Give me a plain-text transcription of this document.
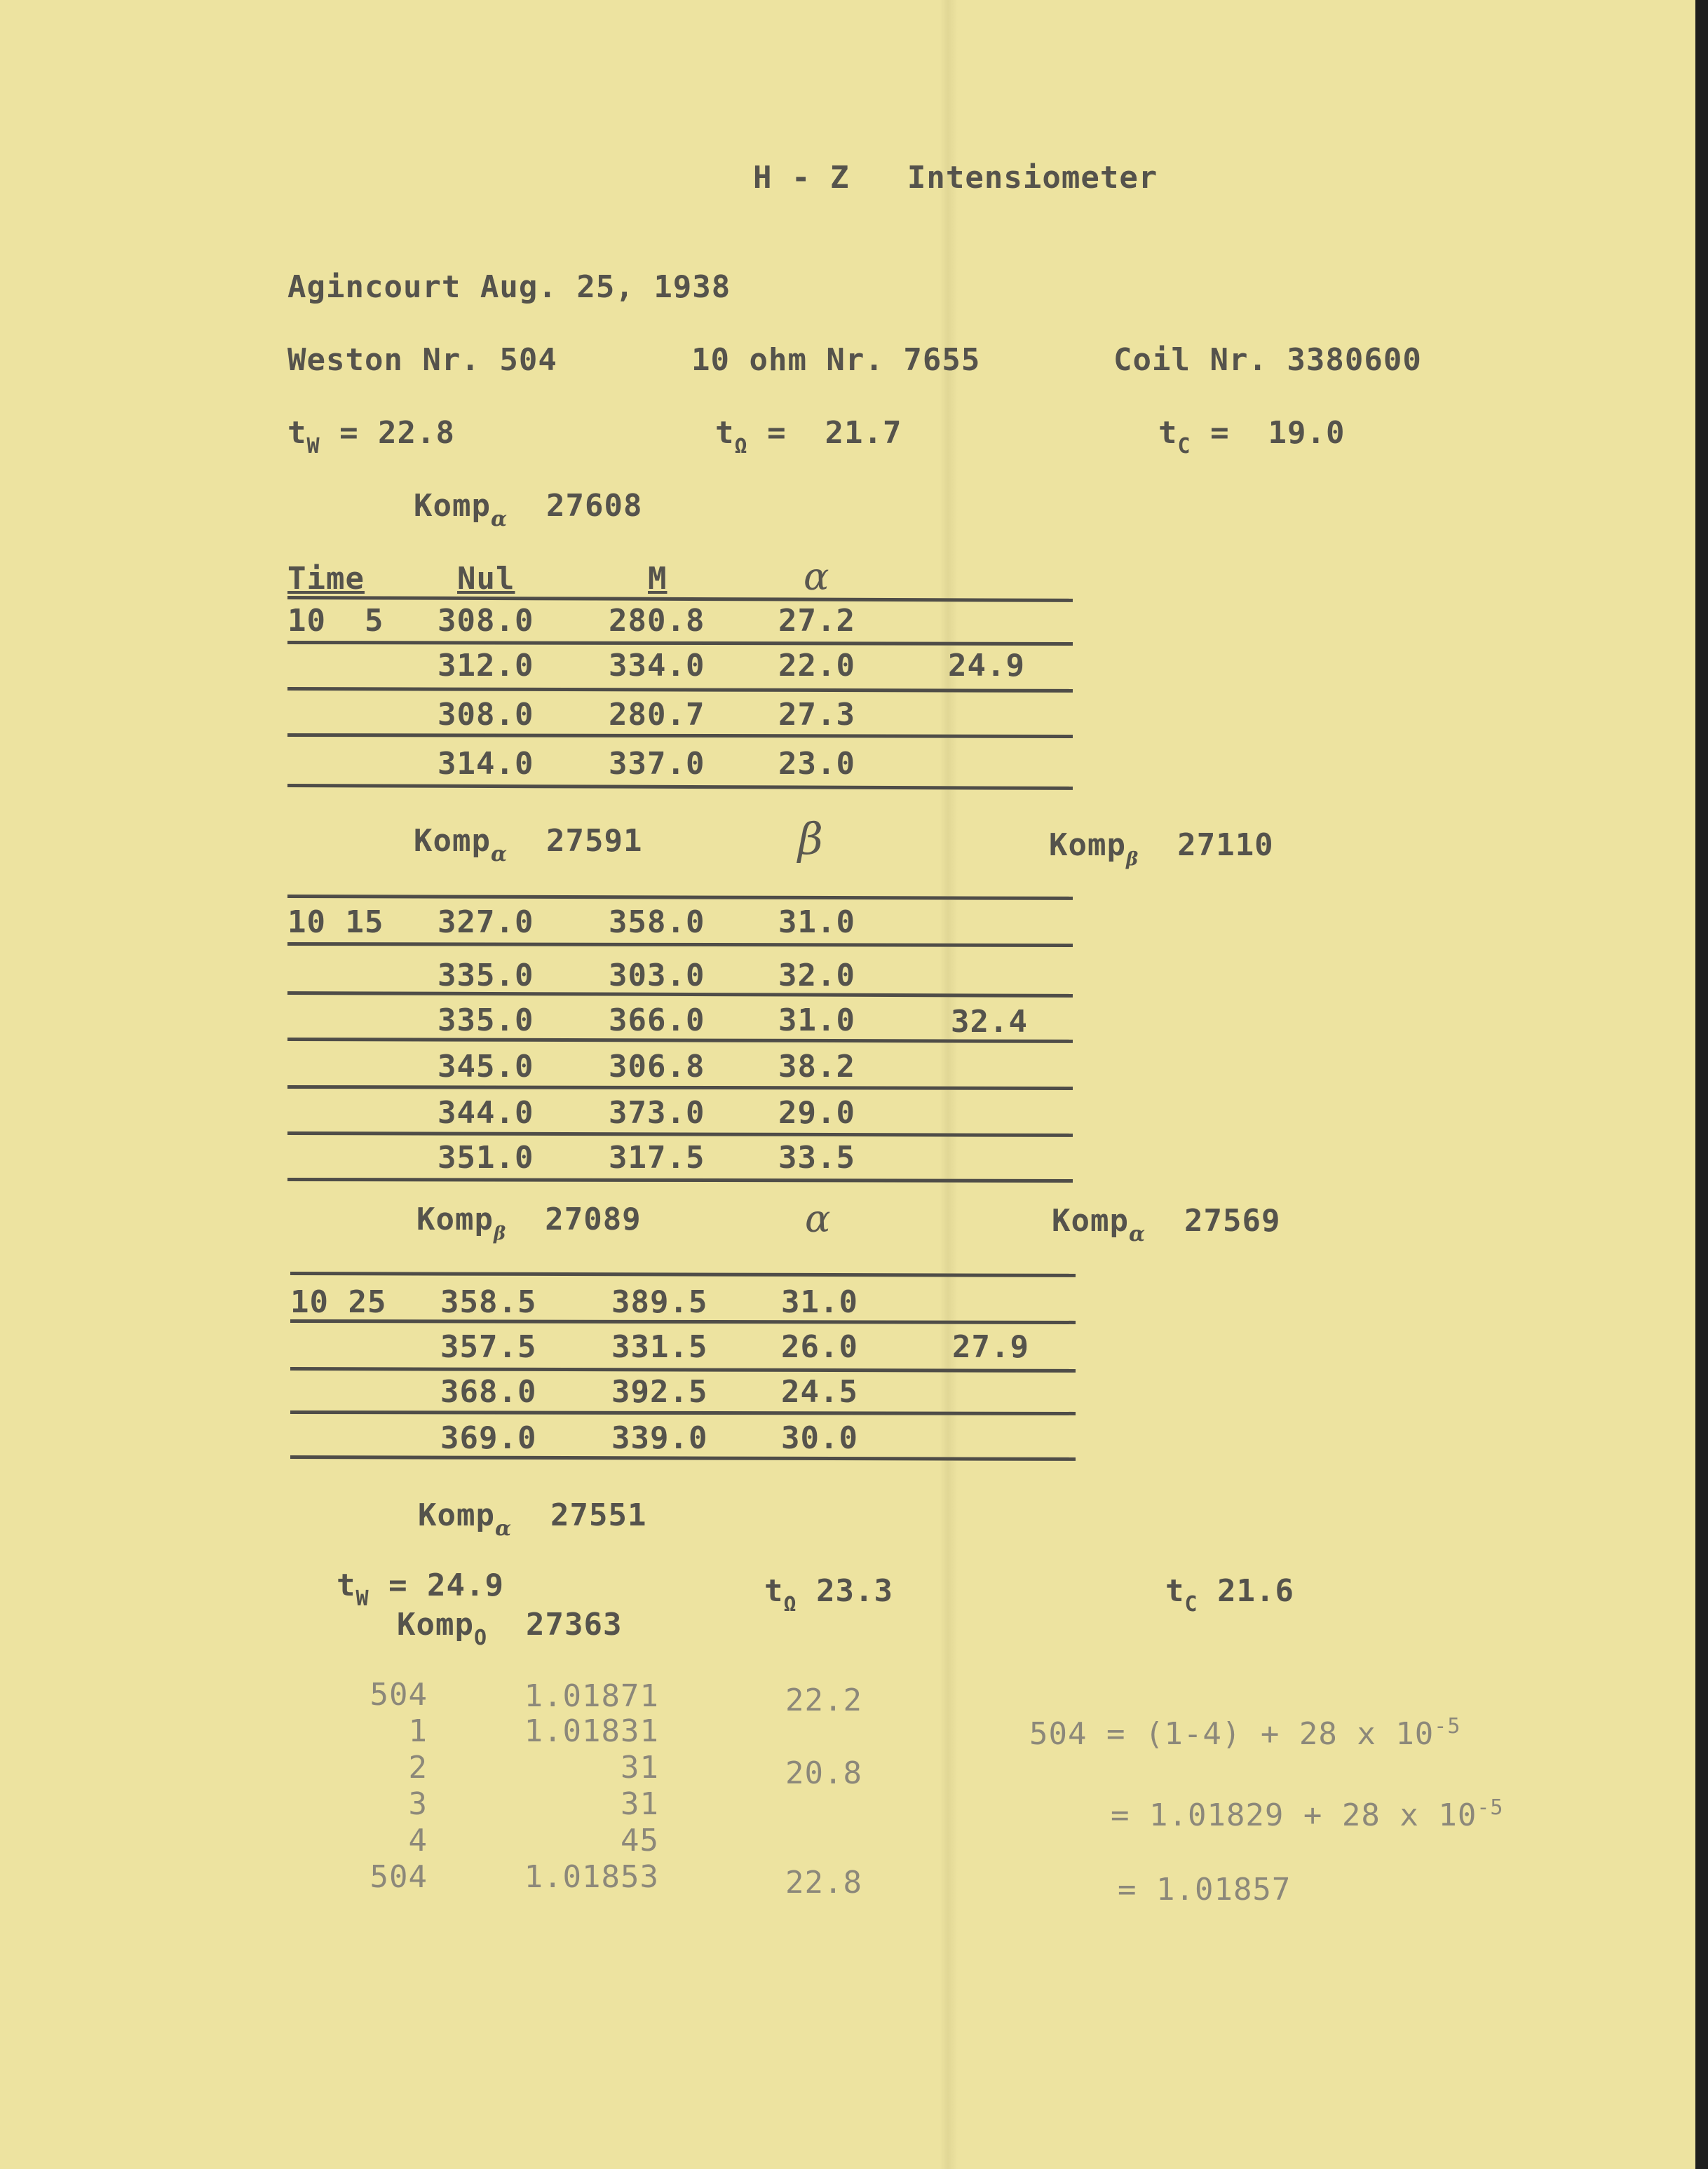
H - Z   Intensiometer
Agincourt Aug. 25, 1938
Weston Nr. 504	10 ohm Nr. 7655	Coil Nr. 3380600
$t_W = 22.8$	$t_\Omega = 21.7$	$t_C = 19.0$
Komp$_\alpha$ 27608
Time	Nul	M	α
10  5 308.0 280.8 27.2
312.0 334.0 22.0	24.9
308.0 280.7 27.3
314.0 337.0 23.0
Komp$_\alpha$ 27591	β	Komp$_\beta$ 27110
10 15 327.0 358.0 31.0
335.0 303.0 32.0
335.0 366.0 31.0	32.4
345.0 306.8 38.2
344.0 373.0 29.0
351.0 317.5 33.5
Komp$_\beta$ 27089	α	Komp$_\alpha$ 27569
10 25 358.5 389.5 31.0
357.5 331.5 26.0	27.9
368.0 392.5 24.5
369.0 339.0 30.0
Komp$_\alpha$ 27551
$t_W = 24.9$	$t_\Omega$ 23.3	$t_C$ 21.6
Komp$_O$ 27363
504	1.01871	22.2
1	1.01831
2	31	20.8
3	31
4	45
504	1.01853	22.8
504 = (1-4) + 28 x $10^{-5}$
= 1.01829 + 28 x $10^{-5}$
= 1.01857
